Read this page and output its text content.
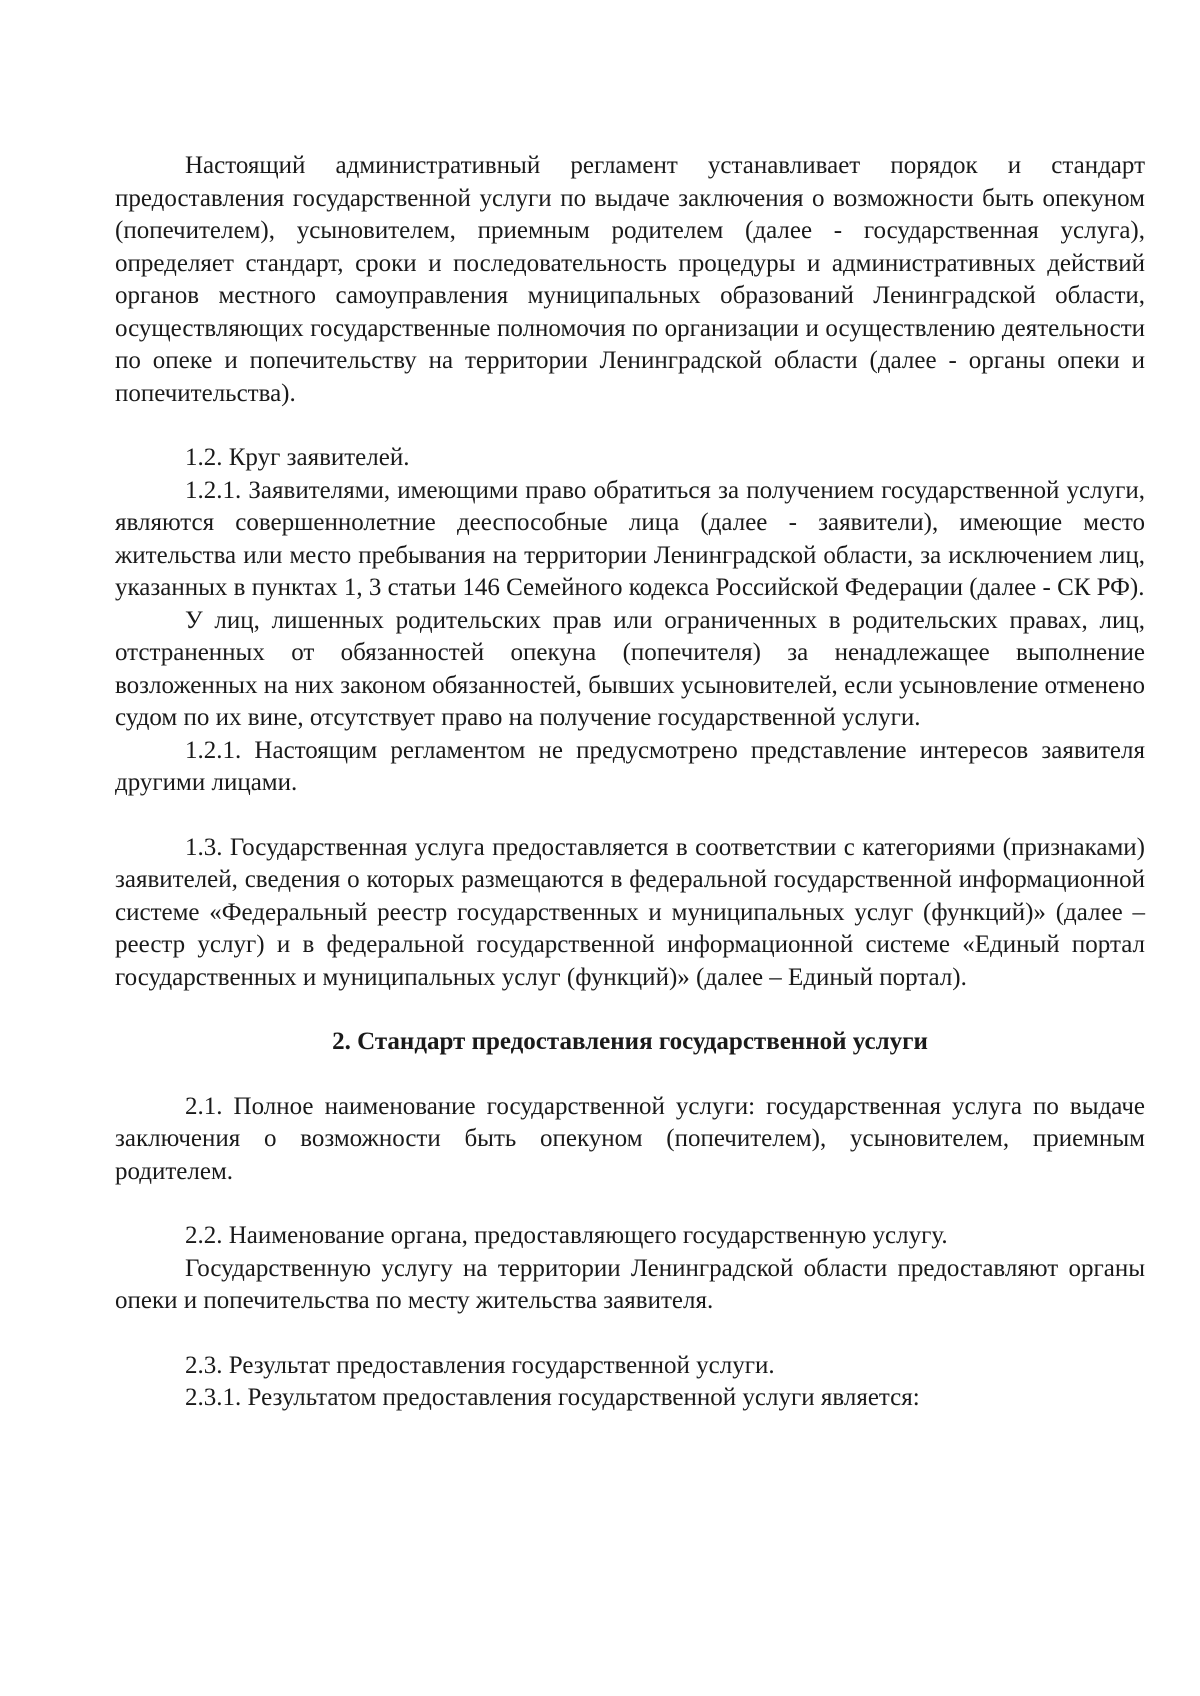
Настоящий административный регламент устанавливает порядок и стандарт предоставления государственной услуги по выдаче заключения о возможности быть опекуном (попечителем), усыновителем, приемным родителем (далее - государственная услуга), определяет стандарт, сроки и последовательность процедуры и административных действий органов местного самоуправления муниципальных образований Ленинградской области, осуществляющих государственные полномочия по организации и осуществлению деятельности по опеке и попечительству на территории Ленинградской области (далее - органы опеки и попечительства).

1.2. Круг заявителей.

1.2.1. Заявителями, имеющими право обратиться за получением государственной услуги, являются совершеннолетние дееспособные лица (далее - заявители), имеющие место жительства или место пребывания на территории Ленинградской области, за исключением лиц, указанных в пунктах 1, 3 статьи 146 Семейного кодекса Российской Федерации (далее - СК РФ).

У лиц, лишенных родительских прав или ограниченных в родительских правах, лиц, отстраненных от обязанностей опекуна (попечителя) за ненадлежащее выполнение возложенных на них законом обязанностей, бывших усыновителей, если усыновление отменено судом по их вине, отсутствует право на получение государственной услуги.

1.2.1. Настоящим регламентом не предусмотрено представление интересов заявителя другими лицами.

1.3. Государственная услуга предоставляется в соответствии с категориями (признаками) заявителей, сведения о которых размещаются в федеральной государственной информационной системе «Федеральный реестр государственных и муниципальных услуг (функций)» (далее – реестр услуг) и в федеральной государственной информационной системе «Единый портал государственных и муниципальных услуг (функций)» (далее – Единый портал).

2. Стандарт предоставления государственной услуги

2.1. Полное наименование государственной услуги: государственная услуга по выдаче заключения о возможности быть опекуном (попечителем), усыновителем, приемным родителем.

2.2. Наименование органа, предоставляющего государственную услугу.

Государственную услугу на территории Ленинградской области предоставляют органы опеки и попечительства по месту жительства заявителя.

2.3. Результат предоставления государственной услуги.

2.3.1. Результатом предоставления государственной услуги является:
